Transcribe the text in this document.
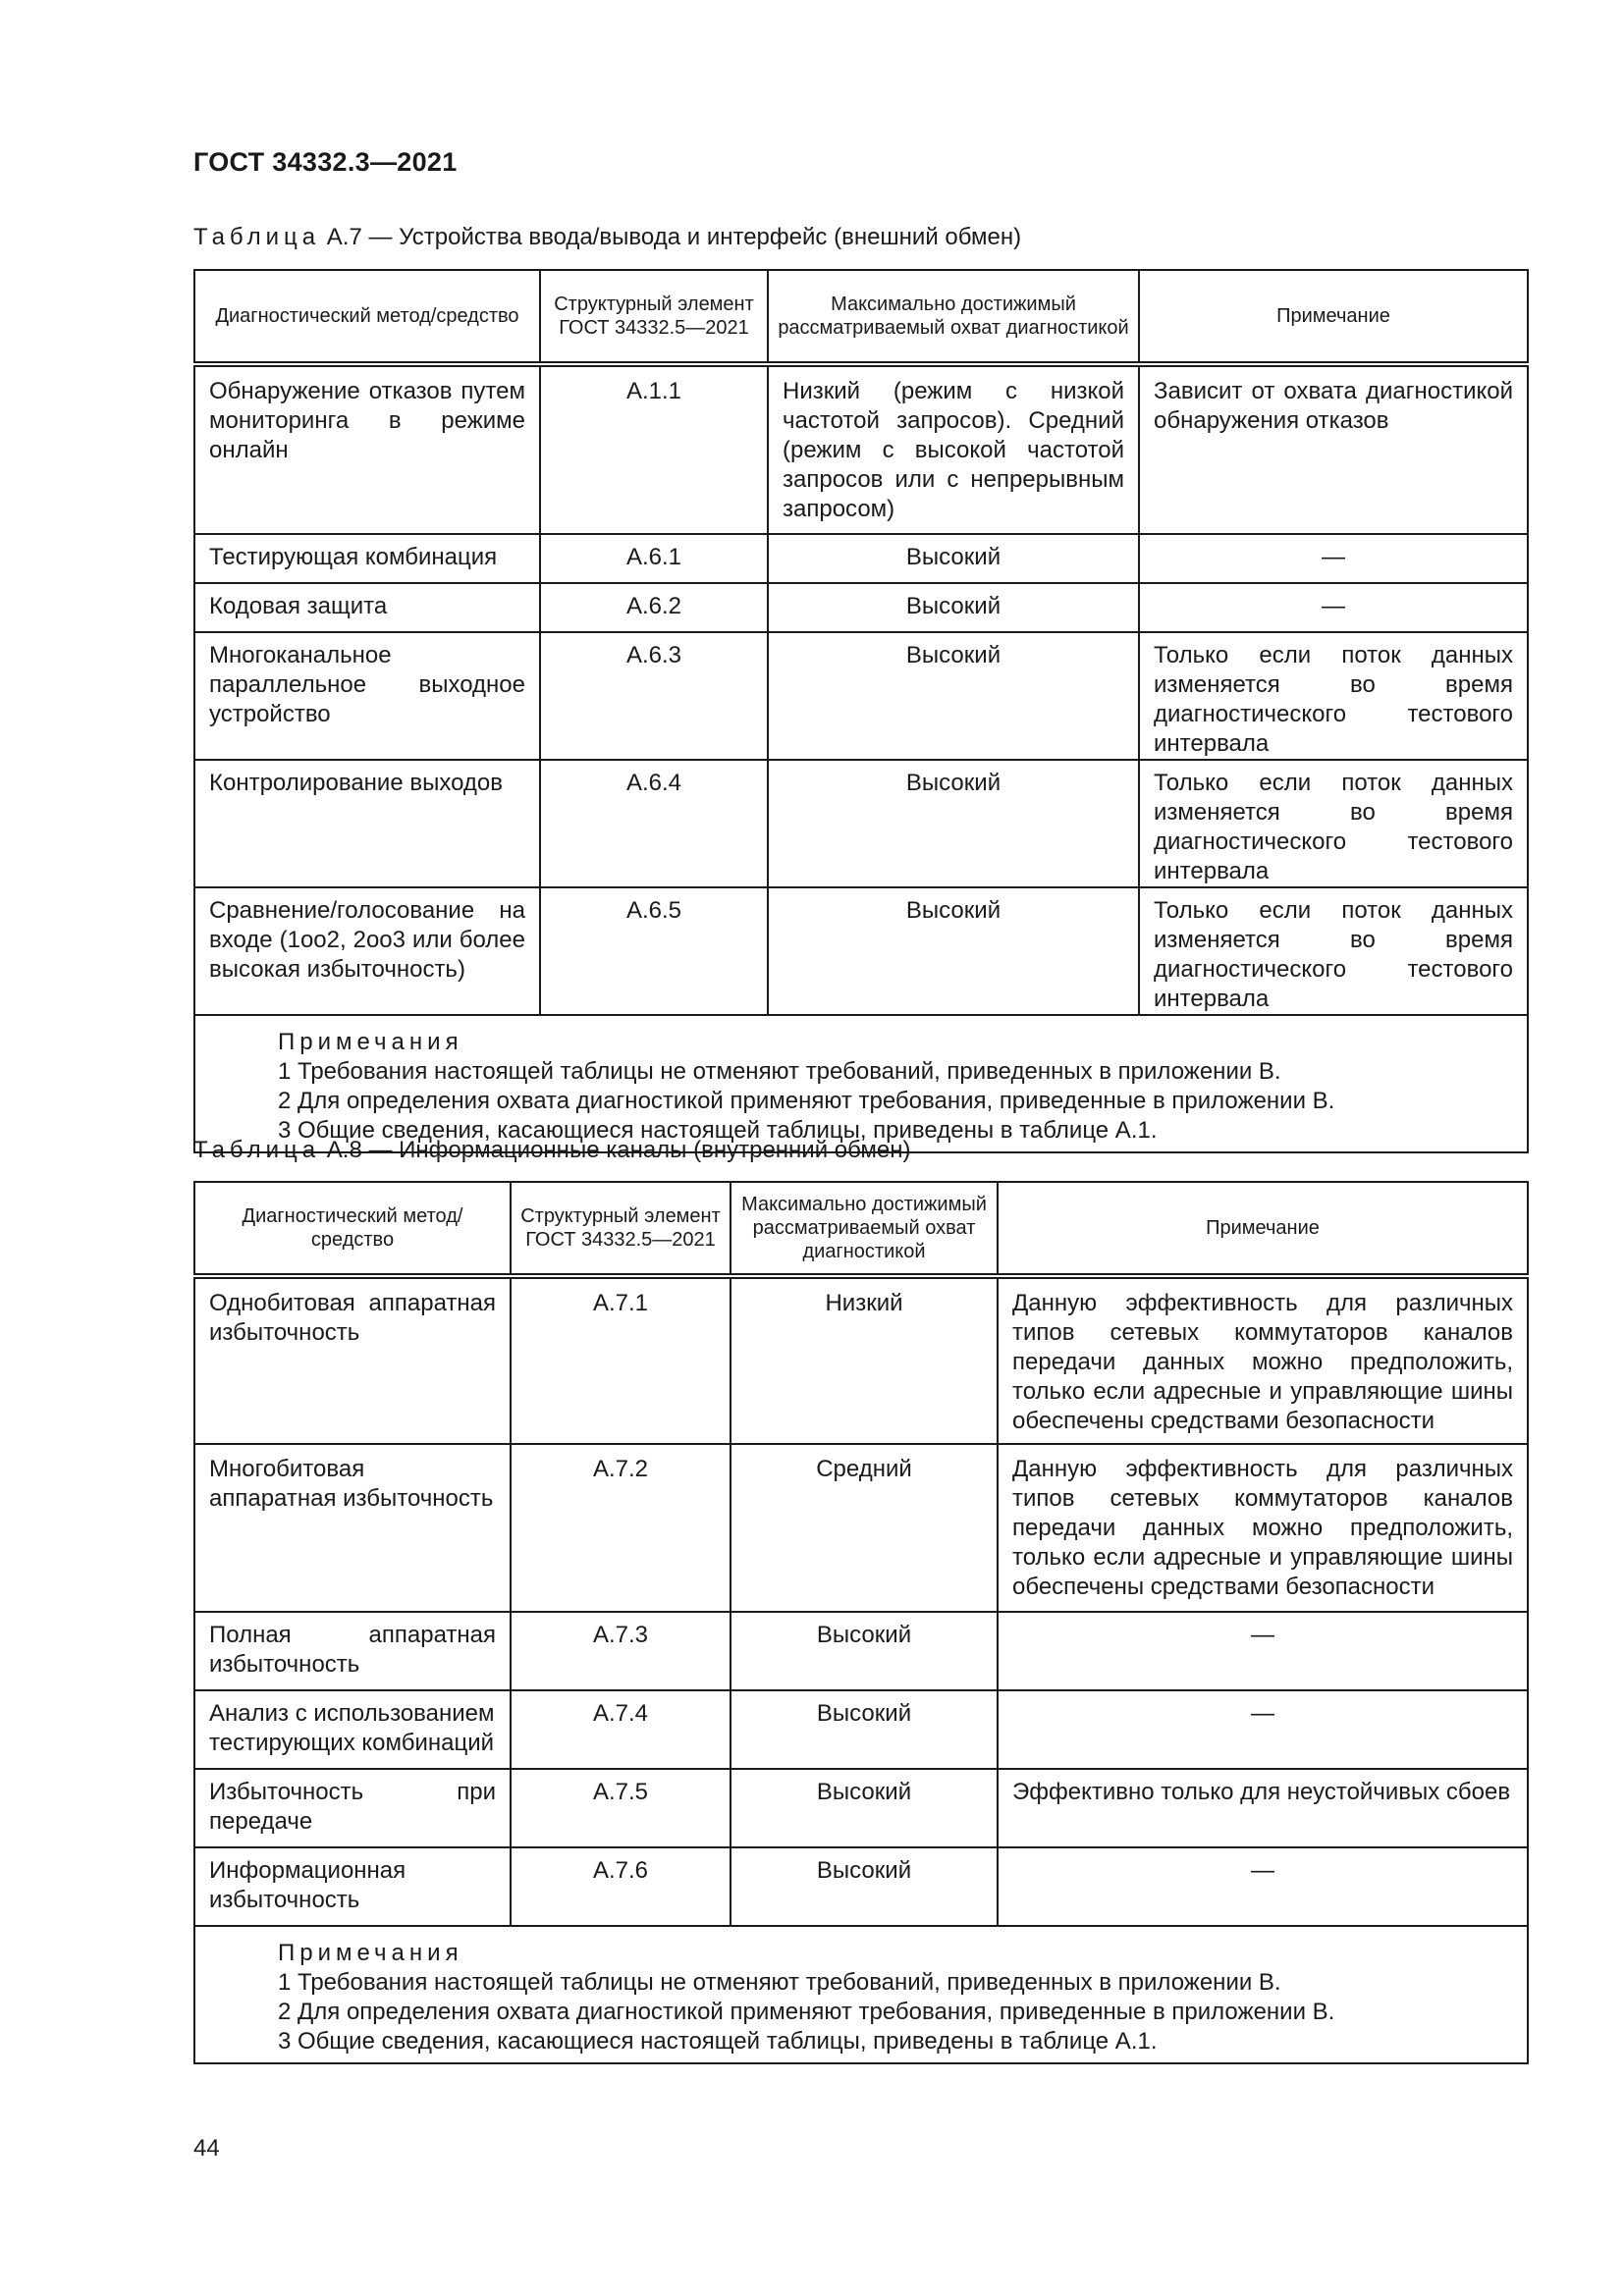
ГОСТ 34332.3—2021
Таблица А.7 — Устройства ввода/вывода и интерфейс (внешний обмен)
Диагностический метод/средство	Структурный элемент ГОСТ 34332.5—2021	Максимально достижимый рассматриваемый охват диагностикой	Примечание
Обнаружение отказов путем мониторинга в режиме онлайн	А.1.1	Низкий (режим с низкой частотой запросов). Средний (режим с высокой частотой запросов или с непрерывным запросом)	Зависит от охвата диагностикой обнаружения отказов
Тестирующая комбинация	А.6.1	Высокий	—
Кодовая защита	А.6.2	Высокий	—
Многоканальное параллельное выходное устройство	А.6.3	Высокий	Только если поток данных изменяется во время диагностического тестового интервала
Контролирование выходов	А.6.4	Высокий	Только если поток данных изменяется во время диагностического тестового интервала
Сравнение/голосование на входе (1oo2, 2oo3 или более высокая избыточность)	А.6.5	Высокий	Только если поток данных изменяется во время диагностического тестового интервала

Примечания
1 Требования настоящей таблицы не отменяют требований, приведенных в приложении В.
2 Для определения охвата диагностикой применяют требования, приведенные в приложении В.
3 Общие сведения, касающиеся настоящей таблицы, приведены в таблице А.1.			
Таблица А.8 — Информационные каналы (внутренний обмен)
Диагностический метод/средство	Структурный элемент ГОСТ 34332.5—2021	Максимально достижимый рассматриваемый охват диагностикой	Примечание
Однобитовая аппаратная избыточность	А.7.1	Низкий	Данную эффективность для различных типов сетевых коммутаторов каналов передачи данных можно предположить, только если адресные и управляющие шины обеспечены средствами безопасности
Многобитовая аппаратная избыточность	А.7.2	Средний	Данную эффективность для различных типов сетевых коммутаторов каналов передачи данных можно предположить, только если адресные и управляющие шины обеспечены средствами безопасности
Полная аппаратная избыточность	А.7.3	Высокий	—
Анализ с использованием тестирующих комбинаций	А.7.4	Высокий	—
Избыточность при передаче	А.7.5	Высокий	Эффективно только для неустойчивых сбоев
Информационная избыточность	А.7.6	Высокий	—

Примечания
1 Требования настоящей таблицы не отменяют требований, приведенных в приложении В.
2 Для определения охвата диагностикой применяют требования, приведенные в приложении В.
3 Общие сведения, касающиеся настоящей таблицы, приведены в таблице А.1.			
44
